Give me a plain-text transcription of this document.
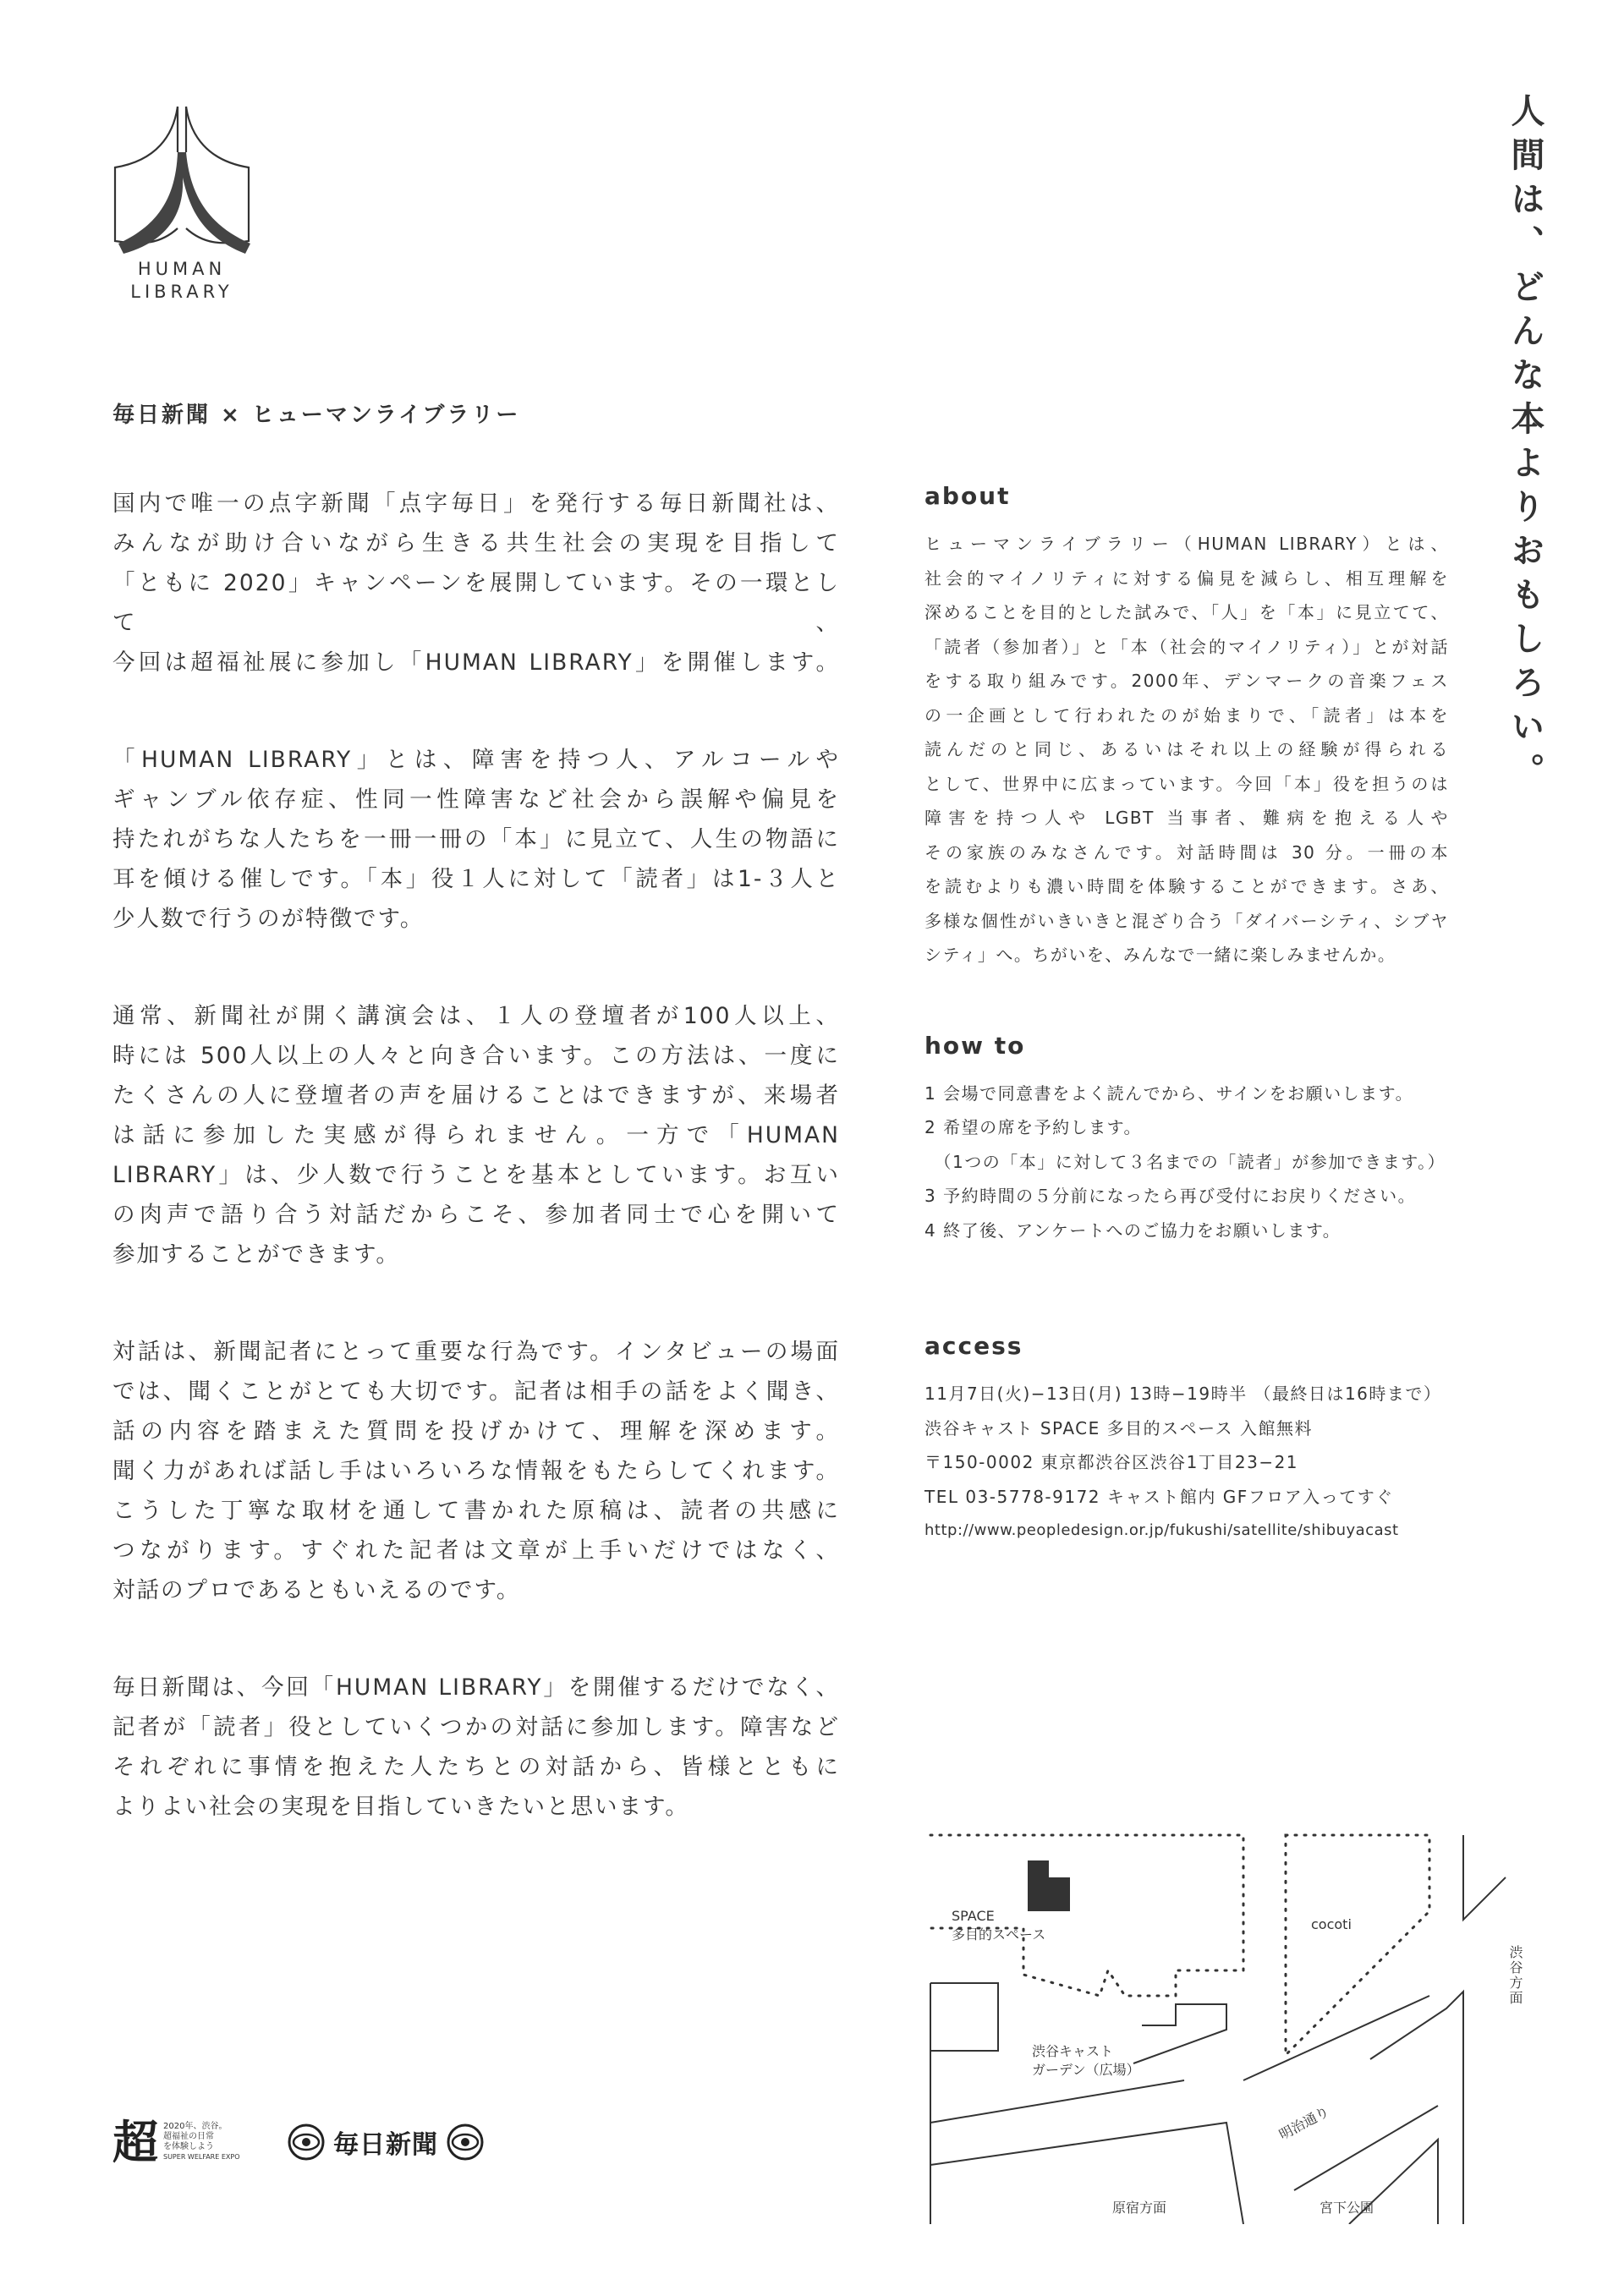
HUMAN
LIBRARY	人間は、どんな本よりおもしろい。
毎日新聞 × ヒューマンライブラリー
国内で唯一の点字新聞「点字毎日」を発行する毎日新聞社は、
みんなが助け合いながら生きる共生社会の実現を目指して
「ともに 2020」キャンペーンを展開しています。その一環として、
今回は超福祉展に参加し「HUMAN LIBRARY」を開催します。
「HUMAN LIBRARY」とは、障害を持つ人、アルコールや
ギャンブル依存症、性同一性障害など社会から誤解や偏見を
持たれがちな人たちを一冊一冊の「本」に見立て、人生の物語に
耳を傾ける催しです。「本」役１人に対して「読者」は1-３人と
少人数で行うのが特徴です。
通常、新聞社が開く講演会は、１人の登壇者が100人以上、
時には 500人以上の人々と向き合います。この方法は、一度に
たくさんの人に登壇者の声を届けることはできますが、来場者
は話に参加した実感が得られません。一方で「HUMAN
LIBRARY」は、少人数で行うことを基本としています。お互い
の肉声で語り合う対話だからこそ、参加者同士で心を開いて
参加することができます。
対話は、新聞記者にとって重要な行為です。インタビューの場面
では、聞くことがとても大切です。記者は相手の話をよく聞き、
話の内容を踏まえた質問を投げかけて、理解を深めます。
聞く力があれば話し手はいろいろな情報をもたらしてくれます。
こうした丁寧な取材を通して書かれた原稿は、読者の共感に
つながります。すぐれた記者は文章が上手いだけではなく、
対話のプロであるともいえるのです。
毎日新聞は、今回「HUMAN LIBRARY」を開催するだけでなく、
記者が「読者」役としていくつかの対話に参加します。障害など
それぞれに事情を抱えた人たちとの対話から、皆様とともに
よりよい社会の実現を目指していきたいと思います。
about
ヒューマンライブラリー（HUMAN LIBRARY）とは、
社会的マイノリティに対する偏見を減らし、相互理解を
深めることを目的とした試みで、「人」を「本」に見立てて、
「読者（参加者）」と「本（社会的マイノリティ）」とが対話
をする取り組みです。2000年、デンマークの音楽フェス
の一企画として行われたのが始まりで、「読者」は本を
読んだのと同じ、あるいはそれ以上の経験が得られる
として、世界中に広まっています。今回「本」役を担うのは
障害を持つ人や LGBT 当事者、難病を抱える人や
その家族のみなさんです。対話時間は 30 分。一冊の本
を読むよりも濃い時間を体験することができます。さあ、
多様な個性がいきいきと混ざり合う「ダイバーシティ、シブヤ
シティ」へ。ちがいを、みんなで一緒に楽しみませんか。
how to
1 会場で同意書をよく読んでから、サインをお願いします。
2 希望の席を予約します。
　（1つの「本」に対して３名までの「読者」が参加できます。）
3 予約時間の５分前になったら再び受付にお戻りください。
4 終了後、アンケートへのご協力をお願いします。
access
11月7日(火)−13日(月) 13時−19時半 （最終日は16時まで）
渋谷キャスト SPACE 多目的スペース 入館無料
〒150-0002 東京都渋谷区渋谷1丁目23−21
TEL 03-5778-9172 キャスト館内 GFフロア入ってすぐ
http://www.peopledesign.or.jp/fukushi/satellite/shibuyacast
SPACE
多目的スペース
cocoti
渋谷方面
渋谷キャスト
ガーデン（広場）
明治通り
原宿方面	宮下公園
超 2020年、渋谷。
超福祉の日常
を体験しよう
SUPER WELFARE EXPO	毎日新聞
